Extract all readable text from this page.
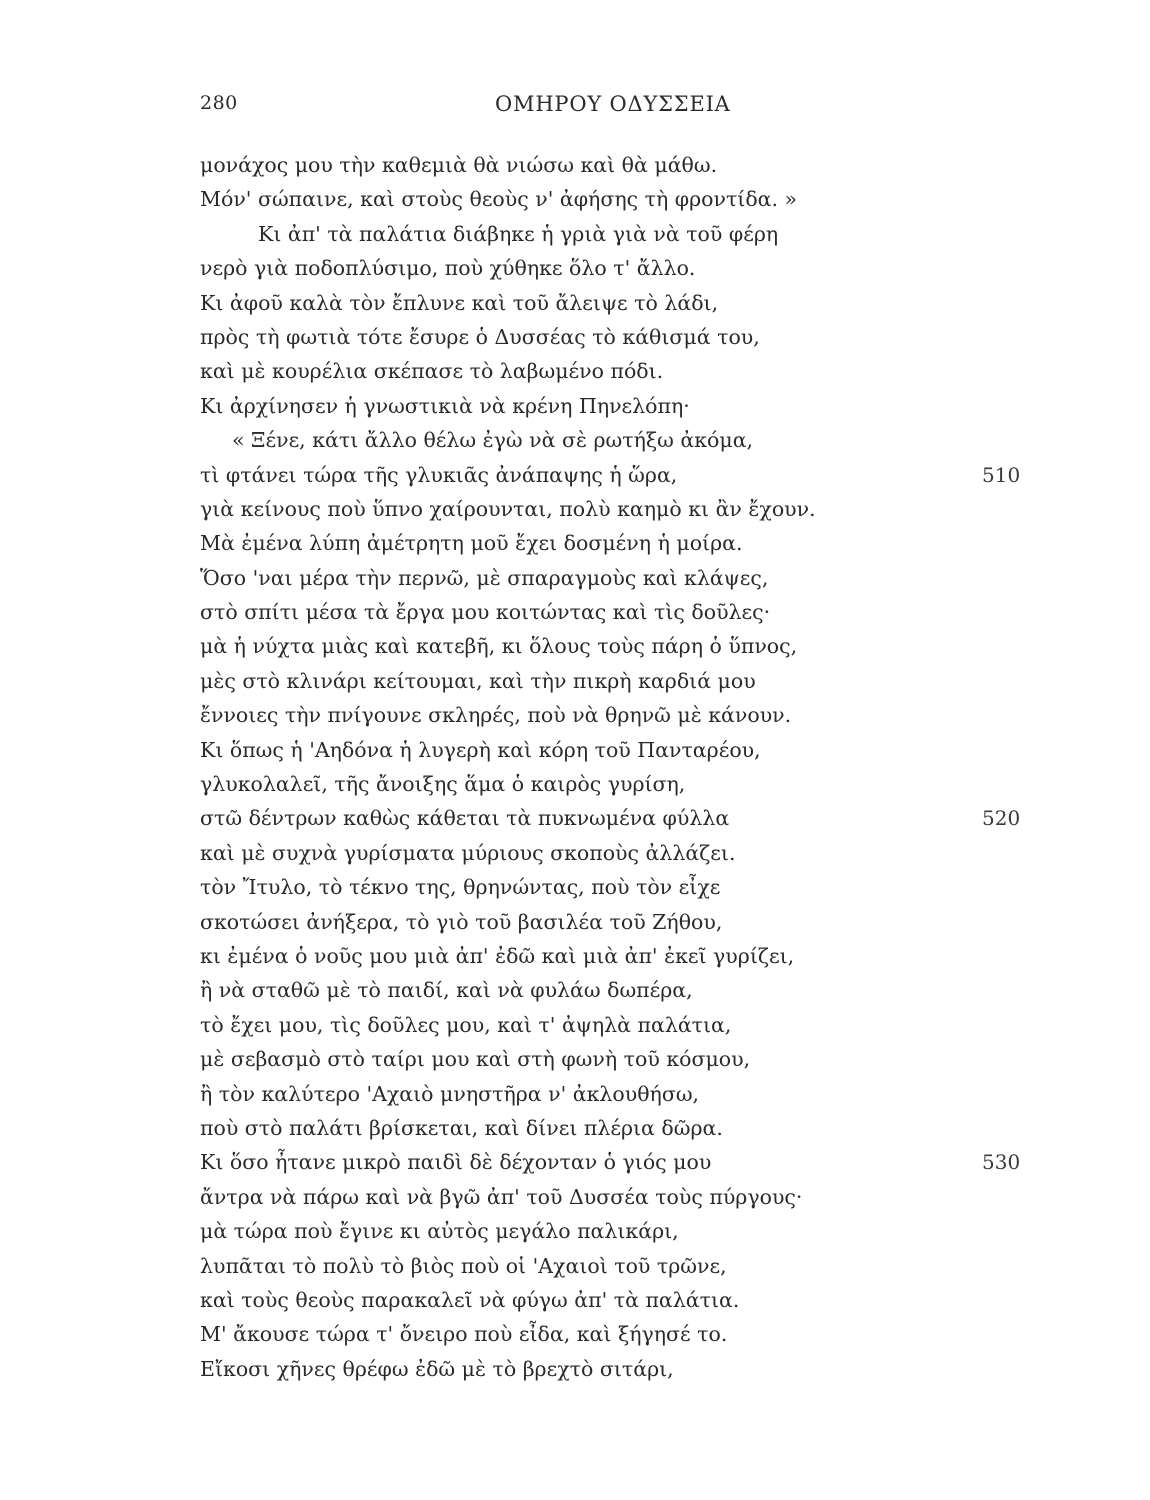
280	ΟΜΗΡΟΥ ΟΔΥΣΣΕΙΑ
μονάχος μου τὴν καθεμιὰ θὰ νιώσω καὶ θὰ μάθω.
Μόν' σώπαινε, καὶ στοὺς θεοὺς ν' ἀφήσης τὴ φροντίδα. »
Κι ἀπ' τὰ παλάτια διάβηκε ἡ γριὰ γιὰ νὰ τοῦ φέρη
νερὸ γιὰ ποδοπλύσιμο, ποὺ χύθηκε ὅλο τ' ἄλλο.
Κι ἀφοῦ καλὰ τὸν ἔπλυνε καὶ τοῦ ἄλειψε τὸ λάδι,
πρὸς τὴ φωτιὰ τότε ἔσυρε ὁ Δυσσέας τὸ κάθισμά του,
καὶ μὲ κουρέλια σκέπασε τὸ λαβωμένο πόδι.
Κι ἀρχίνησεν ἡ γνωστικιὰ νὰ κρένη Πηνελόπη·
« Ξένε, κάτι ἄλλο θέλω ἐγὼ νὰ σὲ ρωτήξω ἀκόμα,
τὶ φτάνει τώρα τῆς γλυκιᾶς ἀνάπαψης ἡ ὥρα,	510
γιὰ κείνους ποὺ ὕπνο χαίρουνται, πολὺ καημὸ κι ἂν ἔχουν.
Μὰ ἐμένα λύπη ἀμέτρητη μοῦ ἔχει δοσμένη ἡ μοίρα.
Ὅσο 'ναι μέρα τὴν περνῶ, μὲ σπαραγμοὺς καὶ κλάψες,
στὸ σπίτι μέσα τὰ ἔργα μου κοιτώντας καὶ τὶς δοῦλες·
μὰ ἡ νύχτα μιὰς καὶ κατεβῆ, κι ὅλους τοὺς πάρη ὁ ὕπνος,
μὲς στὸ κλινάρι κείτουμαι, καὶ τὴν πικρὴ καρδιά μου
ἔννοιες τὴν πνίγουνε σκληρές, ποὺ νὰ θρηνῶ μὲ κάνουν.
Κι ὅπως ἡ 'Αηδόνα ἡ λυγερὴ καὶ κόρη τοῦ Πανταρέου,
γλυκολαλεῖ, τῆς ἄνοιξης ἅμα ὁ καιρὸς γυρίση,
στῶ δέντρων καθὼς κάθεται τὰ πυκνωμένα φύλλα	520
καὶ μὲ συχνὰ γυρίσματα μύριους σκοποὺς ἀλλάζει.
τὸν Ἴτυλο, τὸ τέκνο της, θρηνώντας, ποὺ τὸν εἶχε
σκοτώσει ἀνήξερα, τὸ γιὸ τοῦ βασιλέα τοῦ Ζήθου,
κι ἐμένα ὁ νοῦς μου μιὰ ἀπ' ἐδῶ καὶ μιὰ ἀπ' ἐκεῖ γυρίζει,
ἢ νὰ σταθῶ μὲ τὸ παιδί, καὶ νὰ φυλάω δωπέρα,
τὸ ἔχει μου, τὶς δοῦλες μου, καὶ τ' ἀψηλὰ παλάτια,
μὲ σεβασμὸ στὸ ταίρι μου καὶ στὴ φωνὴ τοῦ κόσμου,
ἢ τὸν καλύτερο 'Αχαιὸ μνηστῆρα ν' ἀκλουθήσω,
ποὺ στὸ παλάτι βρίσκεται, καὶ δίνει πλέρια δῶρα.
Κι ὅσο ἦτανε μικρὸ παιδὶ δὲ δέχονταν ὁ γιός μου	530
ἄντρα νὰ πάρω καὶ νὰ βγῶ ἀπ' τοῦ Δυσσέα τοὺς πύργους·
μὰ τώρα ποὺ ἔγινε κι αὐτὸς μεγάλο παλικάρι,
λυπᾶται τὸ πολὺ τὸ βιὸς ποὺ οἱ 'Αχαιοὶ τοῦ τρῶνε,
καὶ τοὺς θεοὺς παρακαλεῖ νὰ φύγω ἀπ' τὰ παλάτια.
Μ' ἄκουσε τώρα τ' ὄνειρο ποὺ εἶδα, καὶ ξήγησέ το.
Εἴκοσι χῆνες θρέφω ἐδῶ μὲ τὸ βρεχτὸ σιτάρι,
